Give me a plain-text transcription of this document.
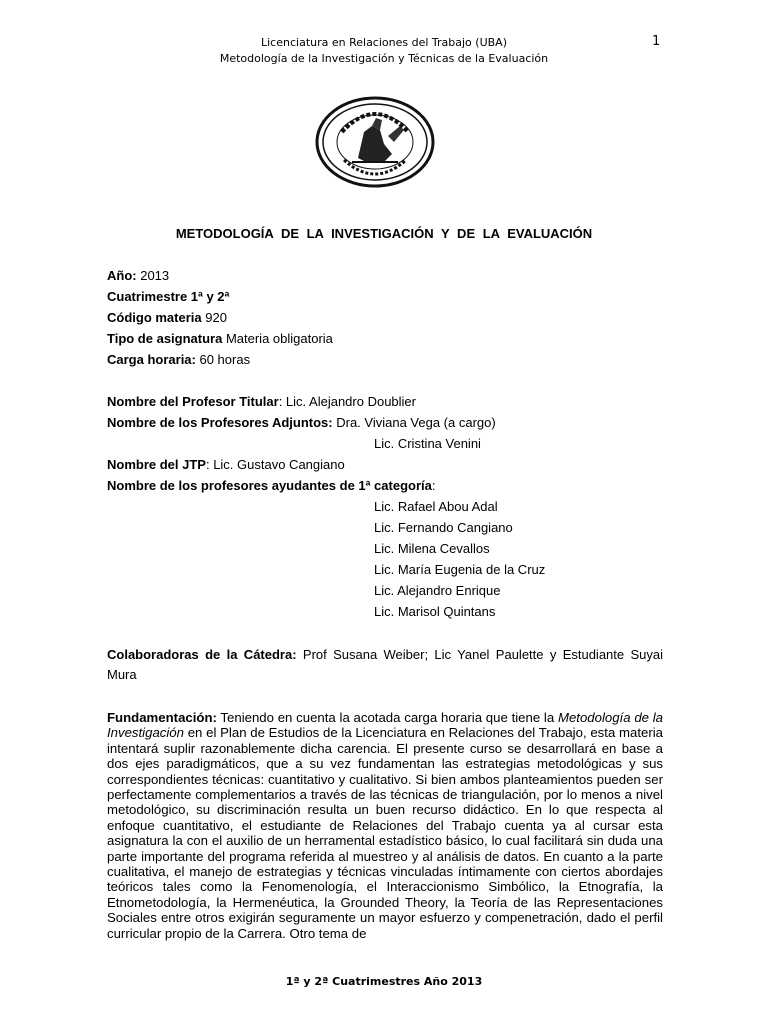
Licenciatura en Relaciones del Trabajo (UBA)
Metodología de la Investigación y Técnicas de la Evaluación
1
METODOLOGÍA DE LA INVESTIGACIÓN Y DE LA EVALUACIÓN
Año: 2013
Cuatrimestre 1ª y 2ª
Código materia 920
Tipo de asignatura Materia obligatoria
Carga horaria: 60 horas
Nombre del Profesor Titular: Lic. Alejandro Doublier
Nombre de los Profesores Adjuntos: Dra. Viviana Vega (a cargo)
Lic. Cristina Venini
Nombre del JTP: Lic. Gustavo Cangiano
Nombre de los profesores ayudantes de 1ª categoría:
Lic. Rafael Abou Adal
Lic. Fernando Cangiano
Lic. Milena Cevallos
Lic. María Eugenia de la Cruz
Lic. Alejandro Enrique
Lic. Marisol Quintans
Colaboradoras de la Cátedra: Prof Susana Weiber; Lic Yanel Paulette y Estudiante Suyai Mura
Fundamentación: Teniendo en cuenta la acotada carga horaria que tiene la Metodología de la Investigación en el Plan de Estudios de la Licenciatura en Relaciones del Trabajo, esta materia intentará suplir razonablemente dicha carencia. El presente curso se desarrollará en base a dos ejes paradigmáticos, que a su vez fundamentan las estrategias metodológicas y sus correspondientes técnicas: cuantitativo y cualitativo. Si bien ambos planteamientos pueden ser perfectamente complementarios a través de las técnicas de triangulación, por lo menos a nivel metodológico, su discriminación resulta un buen recurso didáctico. En lo que respecta al enfoque cuantitativo, el estudiante de Relaciones del Trabajo cuenta ya al cursar esta asignatura la con el auxilio de un herramental estadístico básico, lo cual facilitará sin duda una parte importante del programa referida al muestreo y al análisis de datos. En cuanto a la parte cualitativa, el manejo de estrategias y técnicas vinculadas íntimamente con ciertos abordajes teóricos tales como la Fenomenología, el Interaccionismo Simbólico, la Etnografía, la Etnometodología, la Hermenéutica, la Grounded Theory, la Teoría de las Representaciones Sociales entre otros exigirán seguramente un mayor esfuerzo y compenetración, dado el perfil curricular propio de la Carrera. Otro tema de
1ª y 2ª Cuatrimestres Año 2013
